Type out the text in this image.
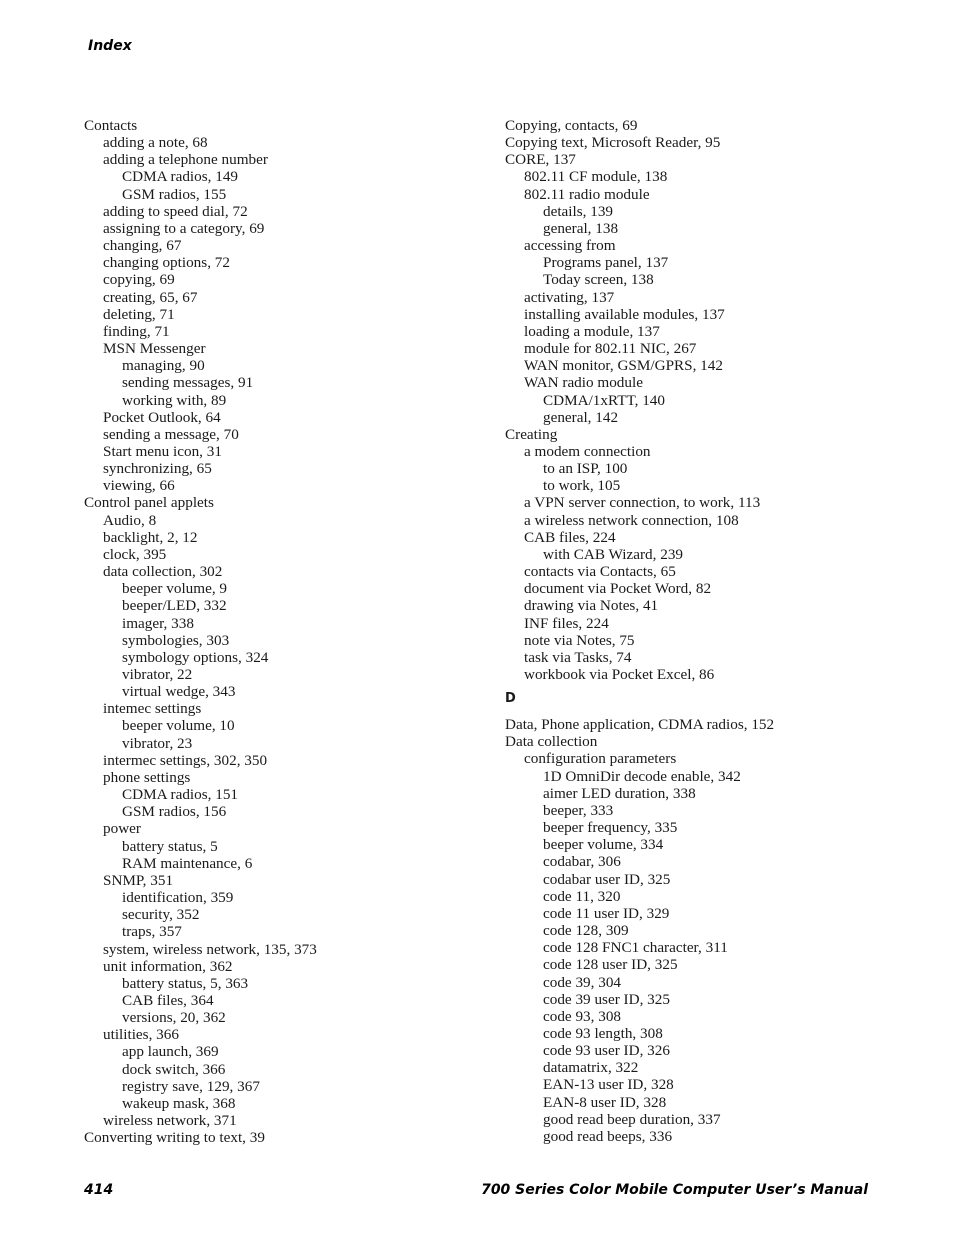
Index
Contacts
adding a note, 68
adding a telephone number
CDMA radios, 149
GSM radios, 155
adding to speed dial, 72
assigning to a category, 69
changing, 67
changing options, 72
copying, 69
creating, 65, 67
deleting, 71
finding, 71
MSN Messenger
managing, 90
sending messages, 91
working with, 89
Pocket Outlook, 64
sending a message, 70
Start menu icon, 31
synchronizing, 65
viewing, 66
Control panel applets
Audio, 8
backlight, 2, 12
clock, 395
data collection, 302
beeper volume, 9
beeper/LED, 332
imager, 338
symbologies, 303
symbology options, 324
vibrator, 22
virtual wedge, 343
intemec settings
beeper volume, 10
vibrator, 23
intermec settings, 302, 350
phone settings
CDMA radios, 151
GSM radios, 156
power
battery status, 5
RAM maintenance, 6
SNMP, 351
identification, 359
security, 352
traps, 357
system, wireless network, 135, 373
unit information, 362
battery status, 5, 363
CAB files, 364
versions, 20, 362
utilities, 366
app launch, 369
dock switch, 366
registry save, 129, 367
wakeup mask, 368
wireless network, 371
Converting writing to text, 39
Copying, contacts, 69
Copying text, Microsoft Reader, 95
CORE, 137
802.11 CF module, 138
802.11 radio module
details, 139
general, 138
accessing from
Programs panel, 137
Today screen, 138
activating, 137
installing available modules, 137
loading a module, 137
module for 802.11 NIC, 267
WAN monitor, GSM/GPRS, 142
WAN radio module
CDMA/1xRTT, 140
general, 142
Creating
a modem connection
to an ISP, 100
to work, 105
a VPN server connection, to work, 113
a wireless network connection, 108
CAB files, 224
with CAB Wizard, 239
contacts via Contacts, 65
document via Pocket Word, 82
drawing via Notes, 41
INF files, 224
note via Notes, 75
task via Tasks, 74
workbook via Pocket Excel, 86
D
Data, Phone application, CDMA radios, 152
Data collection
configuration parameters
1D OmniDir decode enable, 342
aimer LED duration, 338
beeper, 333
beeper frequency, 335
beeper volume, 334
codabar, 306
codabar user ID, 325
code 11, 320
code 11 user ID, 329
code 128, 309
code 128 FNC1 character, 311
code 128 user ID, 325
code 39, 304
code 39 user ID, 325
code 93, 308
code 93 length, 308
code 93 user ID, 326
datamatrix, 322
EAN-13 user ID, 328
EAN-8 user ID, 328
good read beep duration, 337
good read beeps, 336
414	700 Series Color Mobile Computer User’s Manual
